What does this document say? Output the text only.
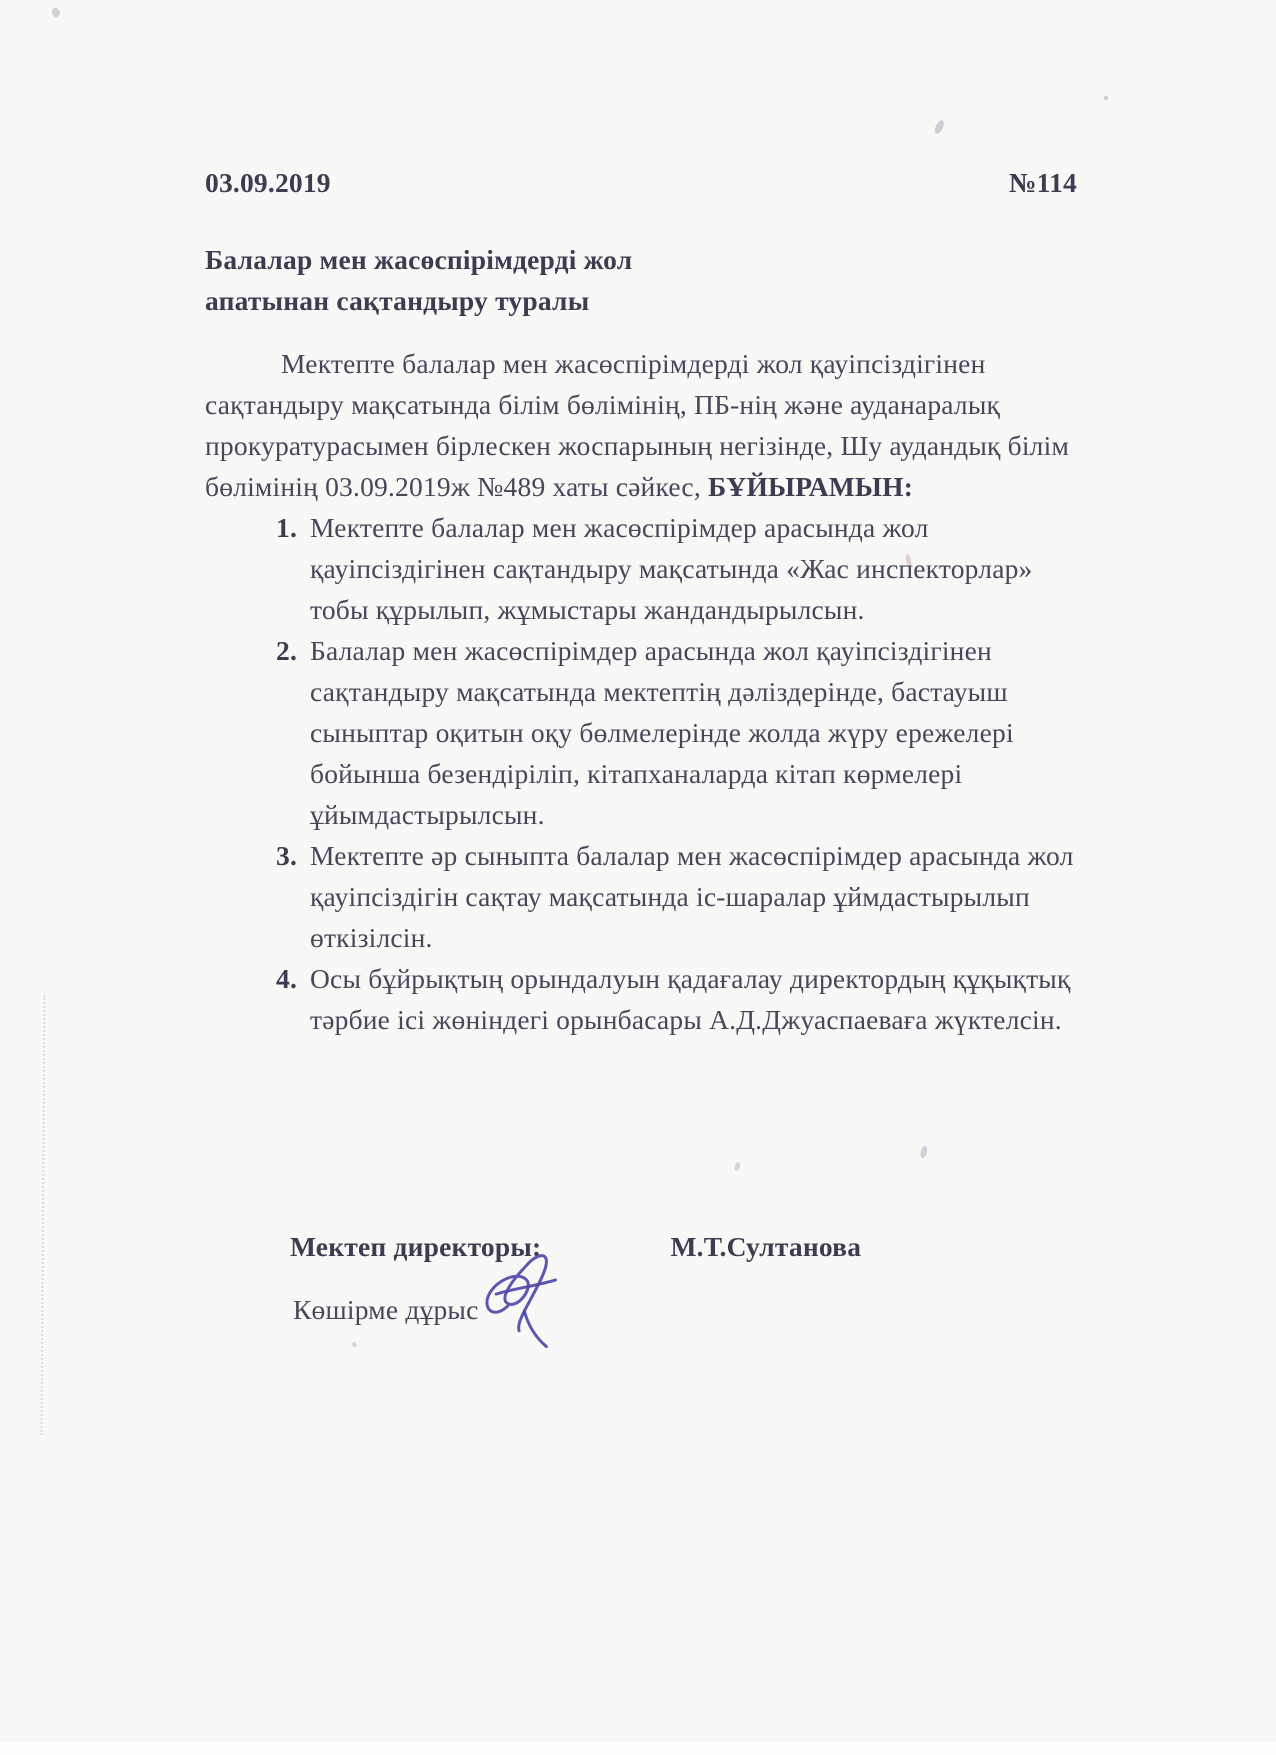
03.09.2019	№114
Балалар мен жасөспірімдерді жол
апатынан сақтандыру туралы

Мектепте балалар мен жасөспірімдерді жол қауіпсіздігінен сақтандыру мақсатында білім бөлімінің, ПБ-нің және ауданаралық прокуратурасымен бірлескен жоспарының негізінде, Шу аудандық білім бөлімінің 03.09.2019ж №489 хаты сәйкес, БҰЙЫРАМЫН:

1. Мектепте балалар мен жасөспірімдер арасында жол қауіпсіздігінен сақтандыру мақсатында «Жас инспекторлар» тобы құрылып, жұмыстары жандандырылсын.
2. Балалар мен жасөспірімдер арасында жол қауіпсіздігінен сақтандыру мақсатында мектептің дәліздерінде, бастауыш сыныптар оқитын оқу бөлмелерінде жолда жүру ережелері бойынша безендіріліп, кітапханаларда кітап көрмелері ұйымдастырылсын.
3. Мектепте әр сыныпта балалар мен жасөспірімдер арасында жол қауіпсіздігін сақтау мақсатында іс-шаралар ұймдастырылып өткізілсін.
4. Осы бұйрықтың орындалуын қадағалау директордың құқықтық тәрбие ісі жөніндегі орынбасары А.Д.Джуаспаеваға жүктелсін.
Мектеп директоры:	М.Т.Султанова
Көшірме дұрыс
